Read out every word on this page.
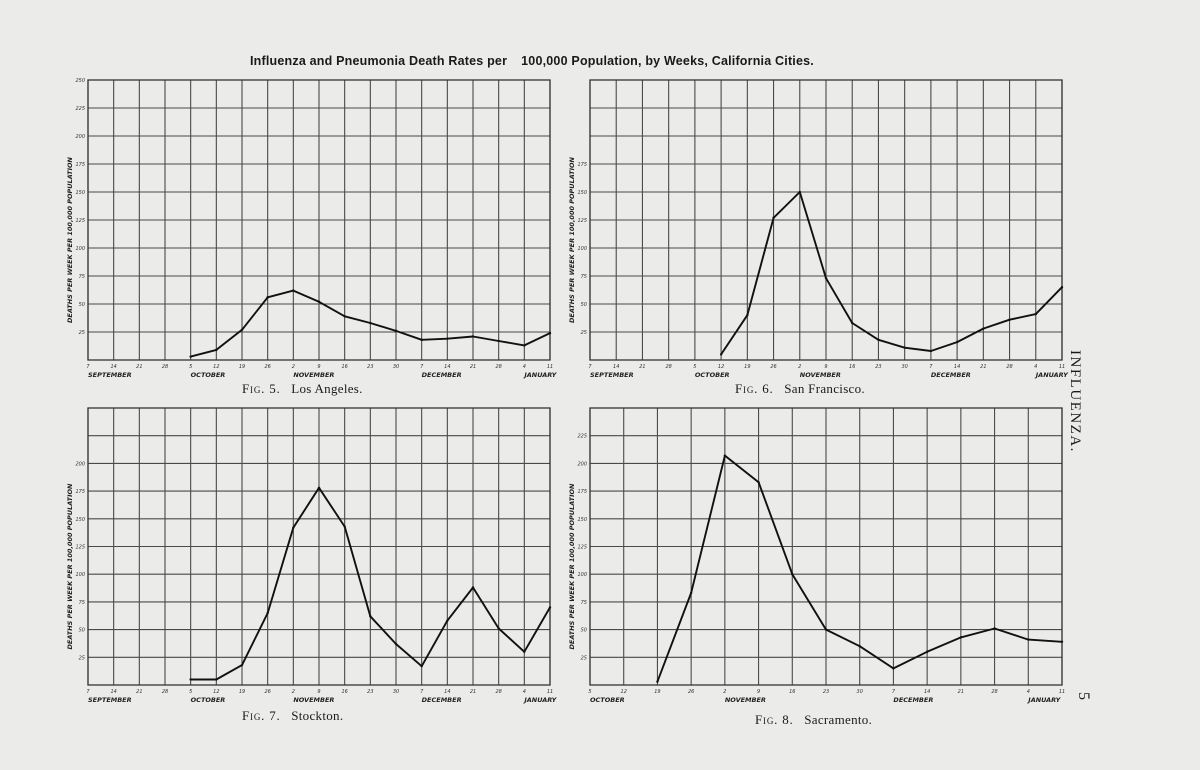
Influenza and Pneumonia Death Rates per 100,000 Population, by Weeks, California Cities.
25
50
75
100
125
150
175
200
225
250
DEATHS PER WEEK PER 100,000 POPULATION
7	14	21	28	5	12	19	26	2	9	16	23	30	7	14	21	28	4	11
SEPTEMBER	OCTOBER	NOVEMBER	DECEMBER	JANUARY
25
50
75
100
125
150
175
DEATHS PER WEEK PER 100,000 POPULATION
7	14	21	28	5	12	19	26	2	9	16	23	30	7	14	21	28	4	11
SEPTEMBER	OCTOBER	NOVEMBER	DECEMBER	JANUARY
25
50
75
100
125
150
175
200
DEATHS PER WEEK PER 100,000 POPULATION
7	14	21	28	5	12	19	26	2	9	16	23	30	7	14	21	28	4	11
SEPTEMBER	OCTOBER	NOVEMBER	DECEMBER	JANUARY
25
50
75
100
125
150
175
200
225
DEATHS PER WEEK PER 100,000 POPULATION
5	12	19	26	2	9	16	23	30	7	14	21	28	4	11
OCTOBER	NOVEMBER	DECEMBER	JANUARY
Fig. 5. Los Angeles.	Fig. 6. San Francisco.
Fig. 7. Stockton.	Fig. 8. Sacramento.
INFLUENZA.
5
